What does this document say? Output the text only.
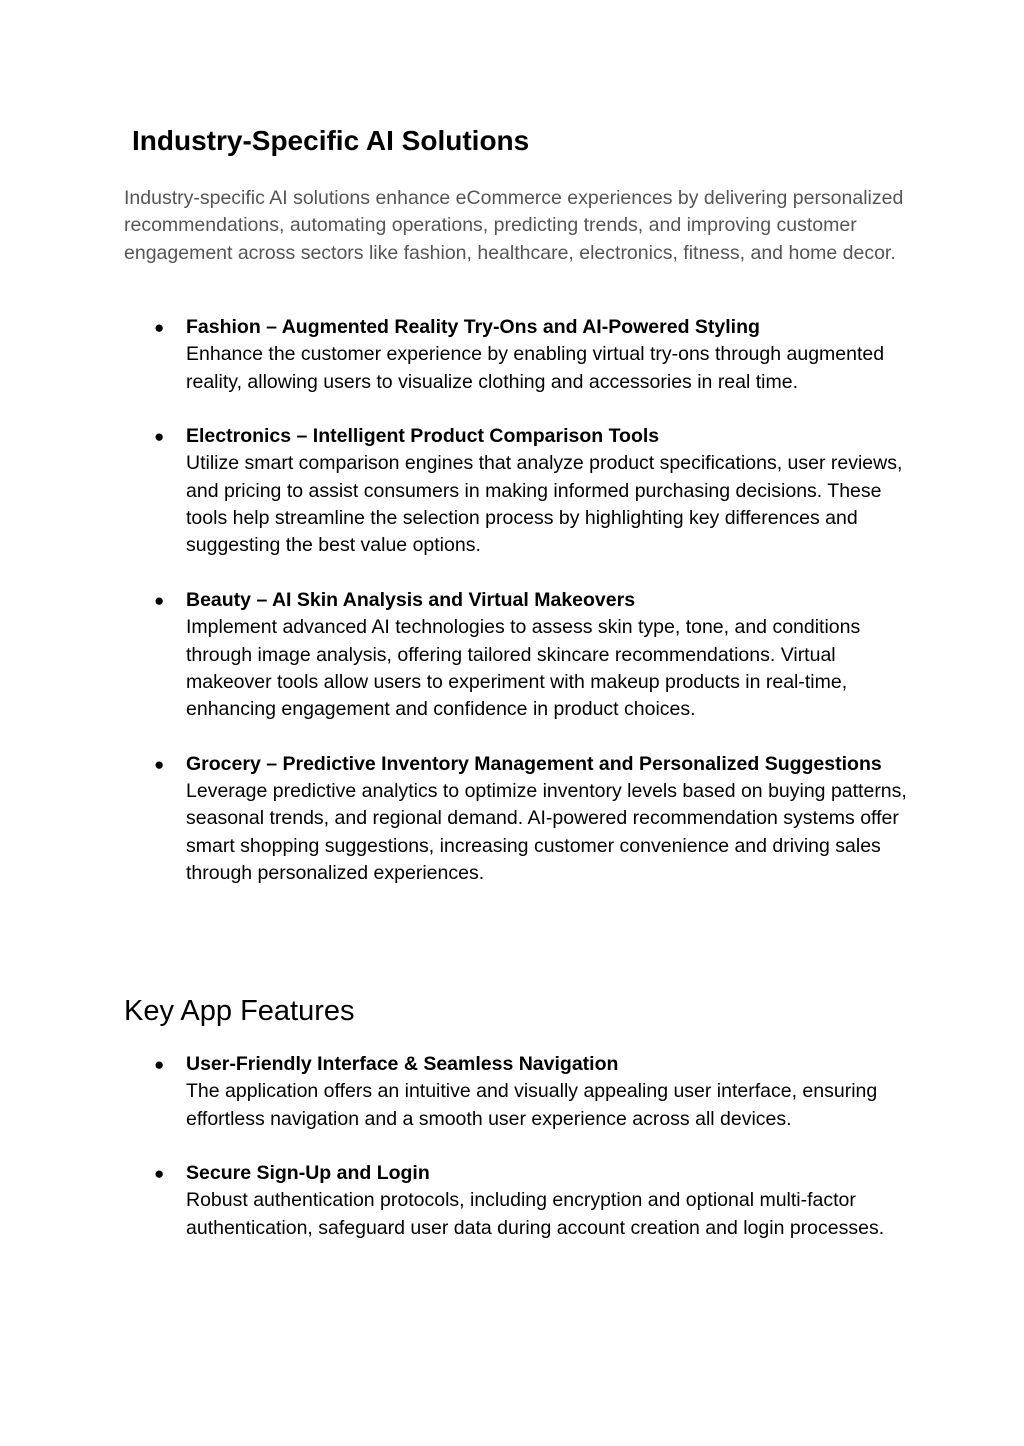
Industry-Specific AI Solutions

Industry-specific AI solutions enhance eCommerce experiences by delivering personalized recommendations, automating operations, predicting trends, and improving customer engagement across sectors like fashion, healthcare, electronics, fitness, and home decor.

●	Fashion – Augmented Reality Try-Ons and AI-Powered Styling
Enhance the customer experience by enabling virtual try-ons through augmented reality, allowing users to visualize clothing and accessories in real time.
●	Electronics – Intelligent Product Comparison Tools
Utilize smart comparison engines that analyze product specifications, user reviews, and pricing to assist consumers in making informed purchasing decisions. These tools help streamline the selection process by highlighting key differences and suggesting the best value options.
●	Beauty – AI Skin Analysis and Virtual Makeovers
Implement advanced AI technologies to assess skin type, tone, and conditions through image analysis, offering tailored skincare recommendations. Virtual makeover tools allow users to experiment with makeup products in real-time, enhancing engagement and confidence in product choices.
●	Grocery – Predictive Inventory Management and Personalized Suggestions
Leverage predictive analytics to optimize inventory levels based on buying patterns, seasonal trends, and regional demand. AI-powered recommendation systems offer smart shopping suggestions, increasing customer convenience and driving sales through personalized experiences.
Key App Features
●	User-Friendly Interface & Seamless Navigation
The application offers an intuitive and visually appealing user interface, ensuring effortless navigation and a smooth user experience across all devices.
●	Secure Sign-Up and Login
Robust authentication protocols, including encryption and optional multi-factor authentication, safeguard user data during account creation and login processes.
